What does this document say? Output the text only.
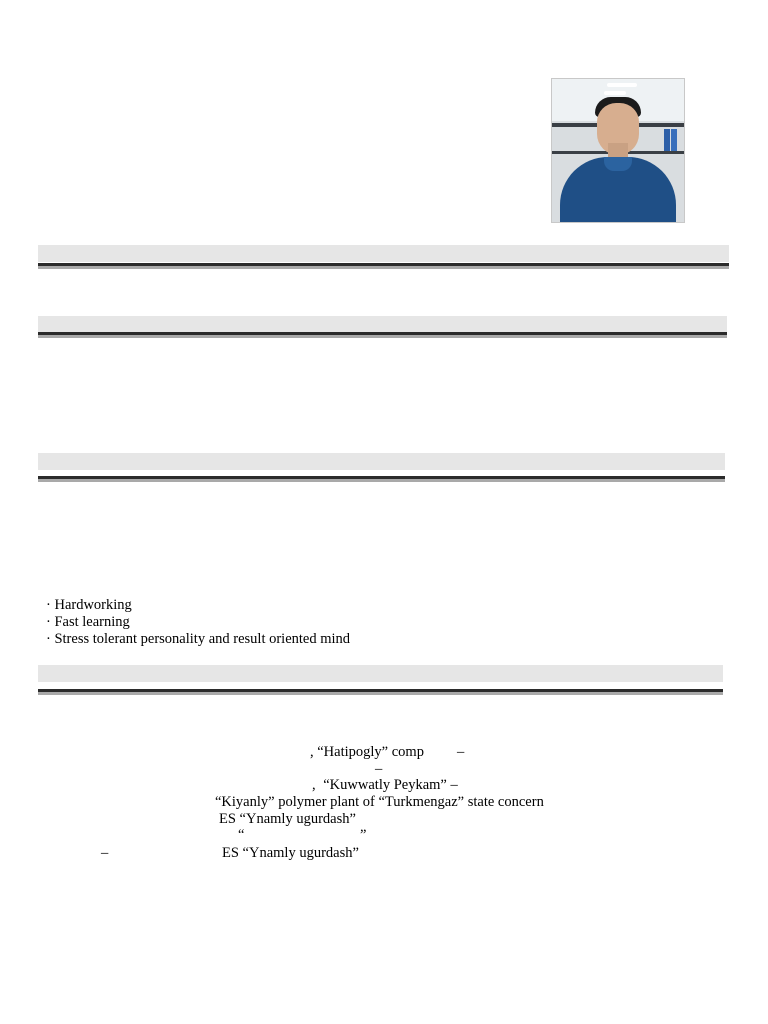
· Hardworking
· Fast learning
· Stress tolerant personality and result oriented mind
, “Hatipogly” comp –
–
, “Kuwwatly Peykam” –
“Kiyanly” polymer plant of “Turkmengaz” state concern
ES “Ynamly ugurdash”
“	”
–	ES “Ynamly ugurdash”
